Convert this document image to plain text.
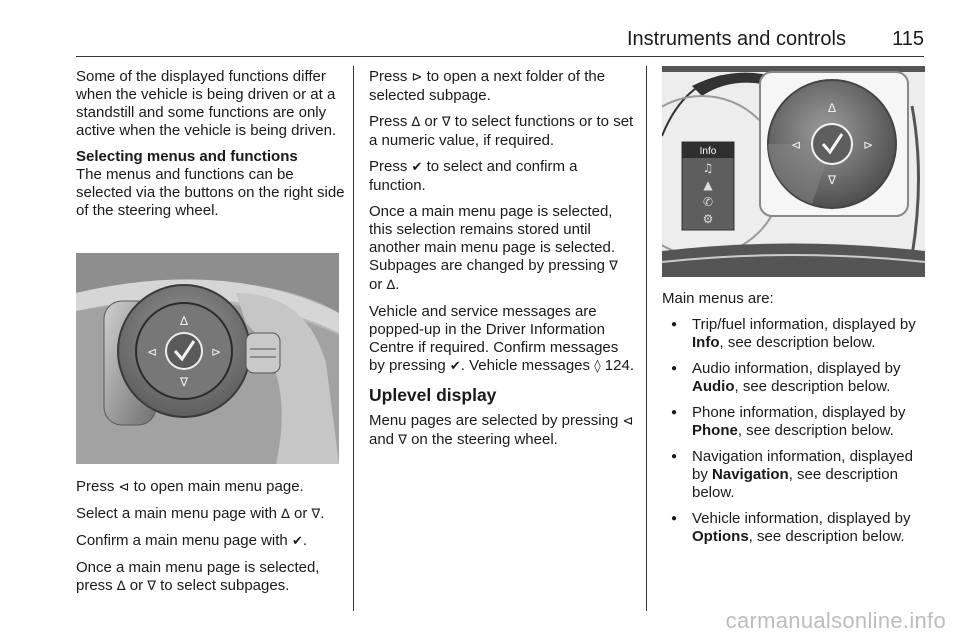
Instruments and controls 115

Some of the displayed functions differ when the vehicle is being driven or at a standstill and some functions are only active when the vehicle is being driven.

Selecting menus and functions

The menus and functions can be selected via the buttons on the right side of the steering wheel.

∆
∇
⊲	⊳

Press ⊲ to open main menu page.

Select a main menu page with ∆ or ∇.

Confirm a main menu page with ✔.

Once a main menu page is selected, press ∆ or ∇ to select subpages.

Press ⊳ to open a next folder of the selected subpage.

Press ∆ or ∇ to select functions or to set a numeric value, if required.

Press ✔ to select and confirm a function.

Once a main menu page is selected, this selection remains stored until another main menu page is selected. Subpages are changed by pressing ∇ or ∆.

Vehicle and service messages are popped-up in the Driver Information Centre if required. Confirm messages by pressing ✔. Vehicle messages ◊ 124.

Uplevel display

Menu pages are selected by pressing ⊲ and ∇ on the steering wheel.

∆
∇
⊲	⊳
Info
♫
▲
✆
⚙

Main menus are:

● Trip/fuel information, displayed by Info, see description below.
● Audio information, displayed by Audio, see description below.
● Phone information, displayed by Phone, see description below.
● Navigation information, displayed by Navigation, see description below.
● Vehicle information, displayed by Options, see description below.
carmanualsonline.info
